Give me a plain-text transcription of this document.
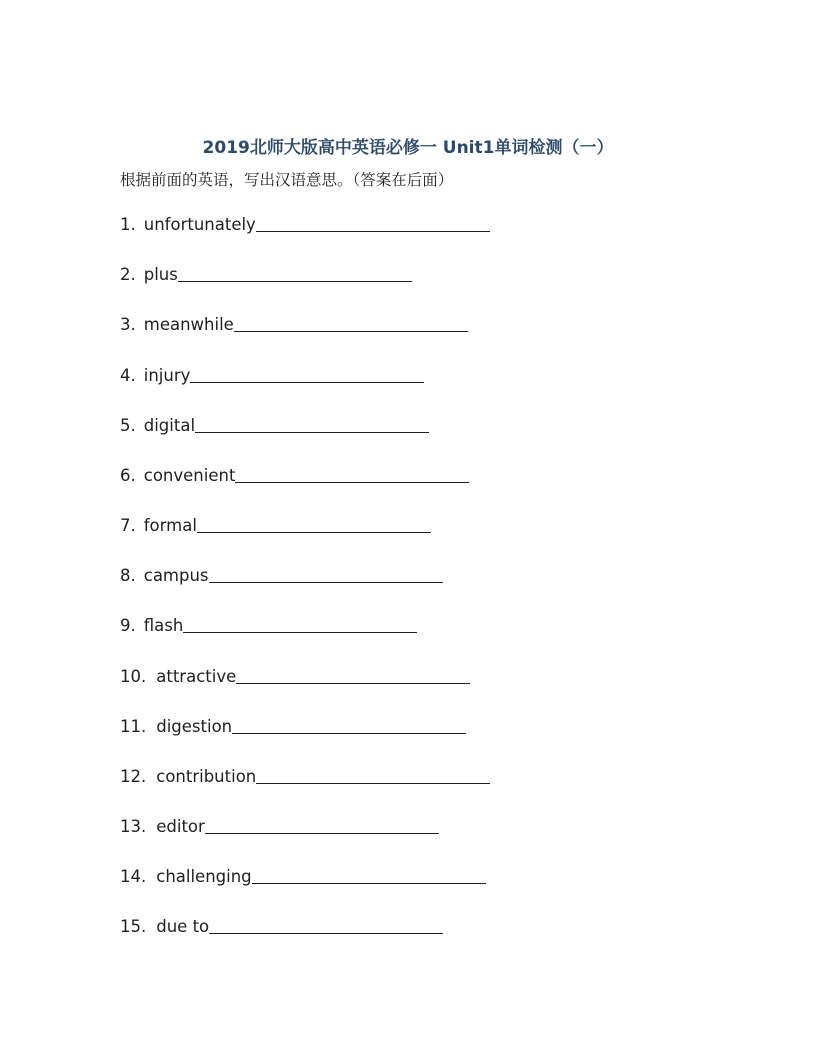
2019北师大版高中英语必修一 Unit1单词检测（一）

根据前面的英语，写出汉语意思。（答案在后面）

1. unfortunately
2. plus
3. meanwhile
4. injury
5. digital
6. convenient
7. formal
8. campus
9. flash
10. attractive
11. digestion
12. contribution
13. editor
14. challenging
15. due to
